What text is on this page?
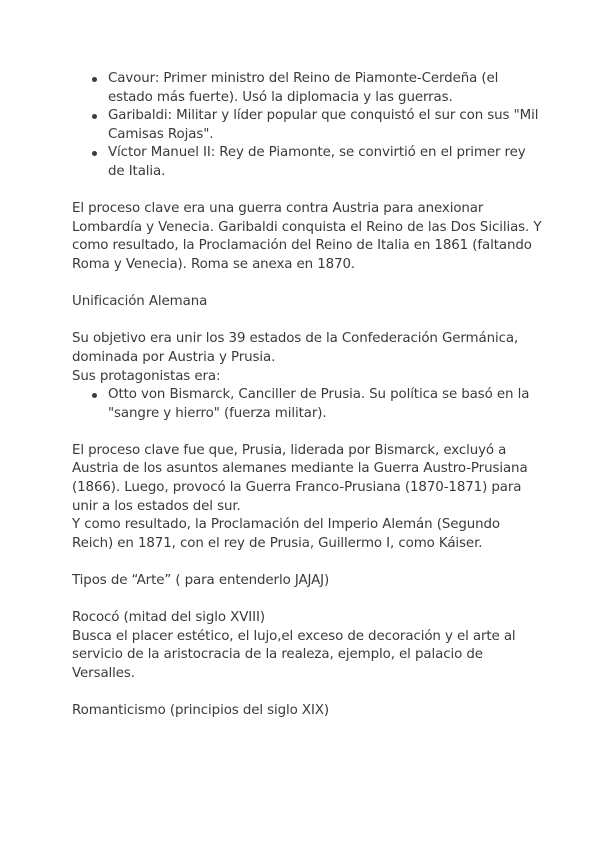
Cavour: Primer ministro del Reino de Piamonte-Cerdeña (el estado más fuerte). Usó la diplomacia y las guerras.
Garibaldi: Militar y líder popular que conquistó el sur con sus "Mil Camisas Rojas".
Víctor Manuel II: Rey de Piamonte, se convirtió en el primer rey de Italia.

El proceso clave era una guerra contra Austria para anexionar Lombardía y Venecia. Garibaldi conquista el Reino de las Dos Sicilias. Y como resultado, la Proclamación del Reino de Italia en 1861 (faltando Roma y Venecia). Roma se anexa en 1870.

Unificación Alemana

Su objetivo era unir los 39 estados de la Confederación Germánica, dominada por Austria y Prusia.

Sus protagonistas era:

Otto von Bismarck, Canciller de Prusia. Su política se basó en la "sangre y hierro" (fuerza militar).

El proceso clave fue que, Prusia, liderada por Bismarck, excluyó a Austria de los asuntos alemanes mediante la Guerra Austro-Prusiana (1866). Luego, provocó la Guerra Franco-Prusiana (1870-1871) para unir a los estados del sur.

Y como resultado, la Proclamación del Imperio Alemán (Segundo Reich) en 1871, con el rey de Prusia, Guillermo I, como Káiser.

Tipos de “Arte” ( para entenderlo JAJAJ)

Rococó (mitad del siglo XVIII)

Busca el placer estético, el lujo,el exceso de decoración y el arte al servicio de la aristocracia de la realeza, ejemplo, el palacio de Versalles.

Romanticismo (principios del siglo XIX)
